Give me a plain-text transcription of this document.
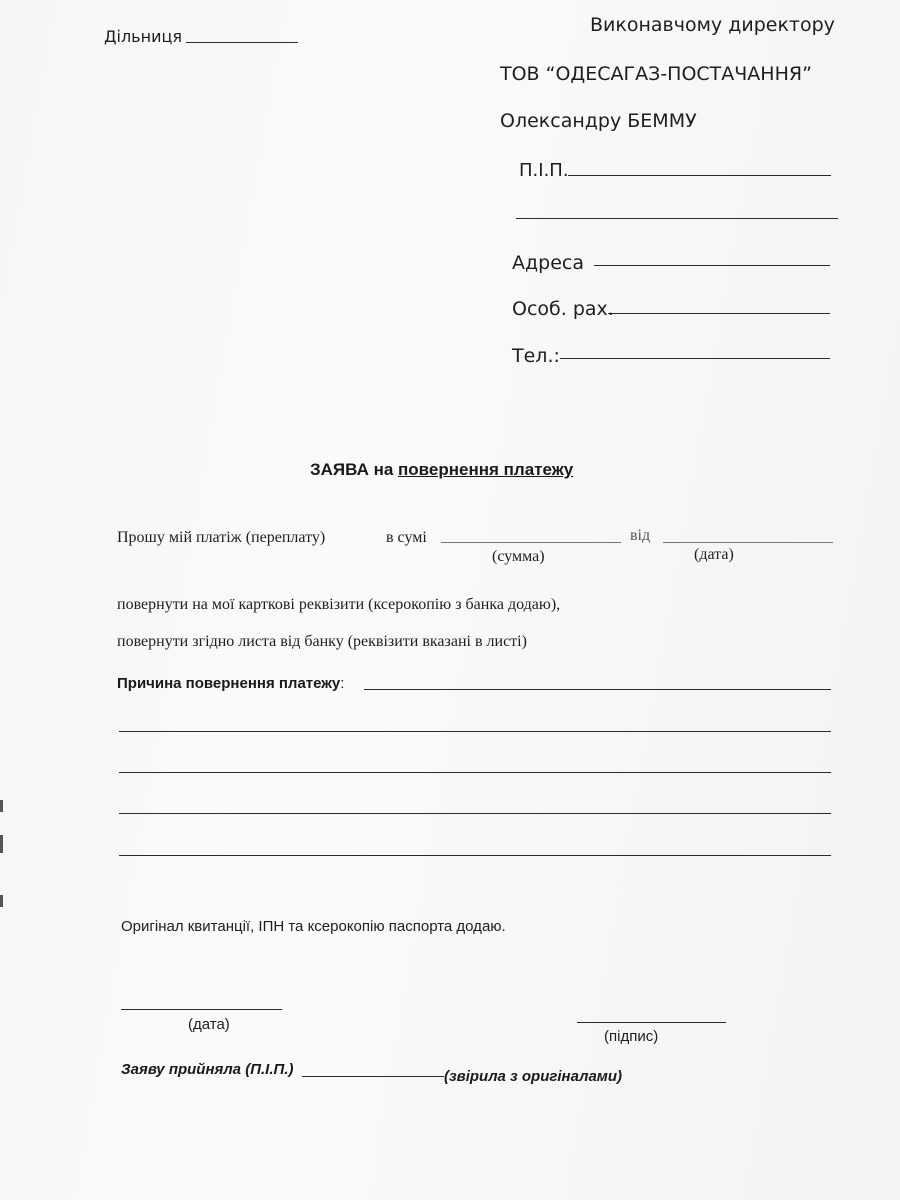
Дільниця
Виконавчому директору
ТОВ “ОДЕСАГАЗ-ПОСТАЧАННЯ”
Олександру БЕММУ
П.І.П.
Адреса
Особ. рах.
Тел.:
ЗАЯВА на повернення платежу
Прошу мій платіж (переплату)	в сумі	від
(сумма)	(дата)
повернути на мої карткові реквізити (ксерокопію з банка додаю),
повернути згідно листа від банку (реквізити вказані в листі)
Причина повернення платежу:
Оригінал квитанції, ІПН та ксерокопію паспорта додаю.
(дата)
(підпис)
Заяву прийняла (П.І.П.)	(звірила з оригіналами)
